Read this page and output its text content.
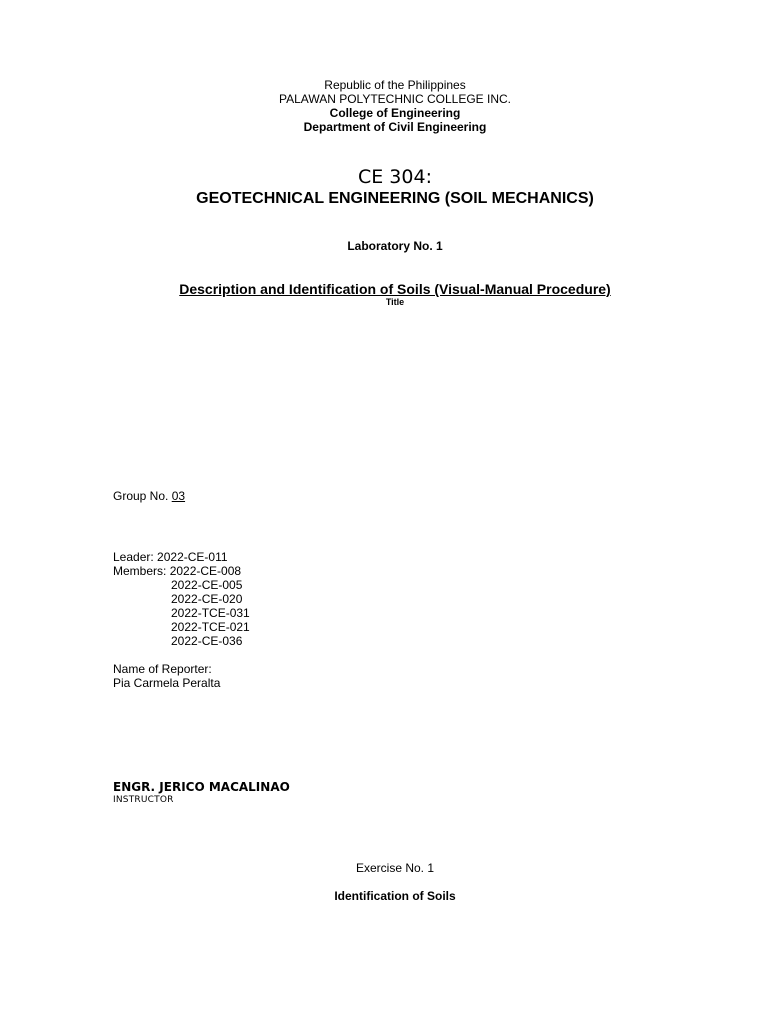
Republic of the Philippines
PALAWAN POLYTECHNIC COLLEGE INC.
College of Engineering
Department of Civil Engineering
CE 304:
GEOTECHNICAL ENGINEERING (SOIL MECHANICS)
Laboratory No. 1
Description and Identification of Soils (Visual-Manual Procedure)
Title
Group No. 03
Leader: 2022-CE-011
Members: 2022-CE-008
2022-CE-005
2022-CE-020
2022-TCE-031
2022-TCE-021
2022-CE-036
Name of Reporter:
Pia Carmela Peralta
ENGR. JERICO MACALINAO
INSTRUCTOR
Exercise No. 1
Identification of Soils
